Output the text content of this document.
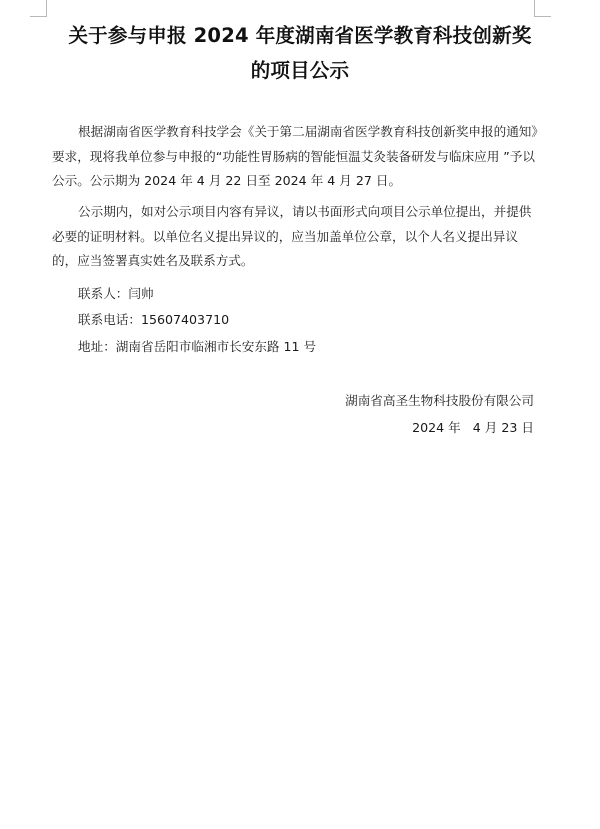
关于参与申报 2024 年度湖南省医学教育科技创新奖
的项目公示
根据湖南省医学教育科技学会《关于第二届湖南省医学教育科技创新奖申报的通知》要求，现将我单位参与申报的“功能性胃肠病的智能恒温艾灸装备研发与临床应用 ”予以公示。公示期为 2024 年 4 月 22 日至 2024 年 4 月 27 日。
公示期内，如对公示项目内容有异议，请以书面形式向项目公示单位提出，并提供必要的证明材料。以单位名义提出异议的，应当加盖单位公章，以个人名义提出异议的，应当签署真实姓名及联系方式。
联系人：闫帅
联系电话：15607403710
地址：湖南省岳阳市临湘市长安东路 11 号
湖南省高圣生物科技股份有限公司
2024 年   4 月 23 日
